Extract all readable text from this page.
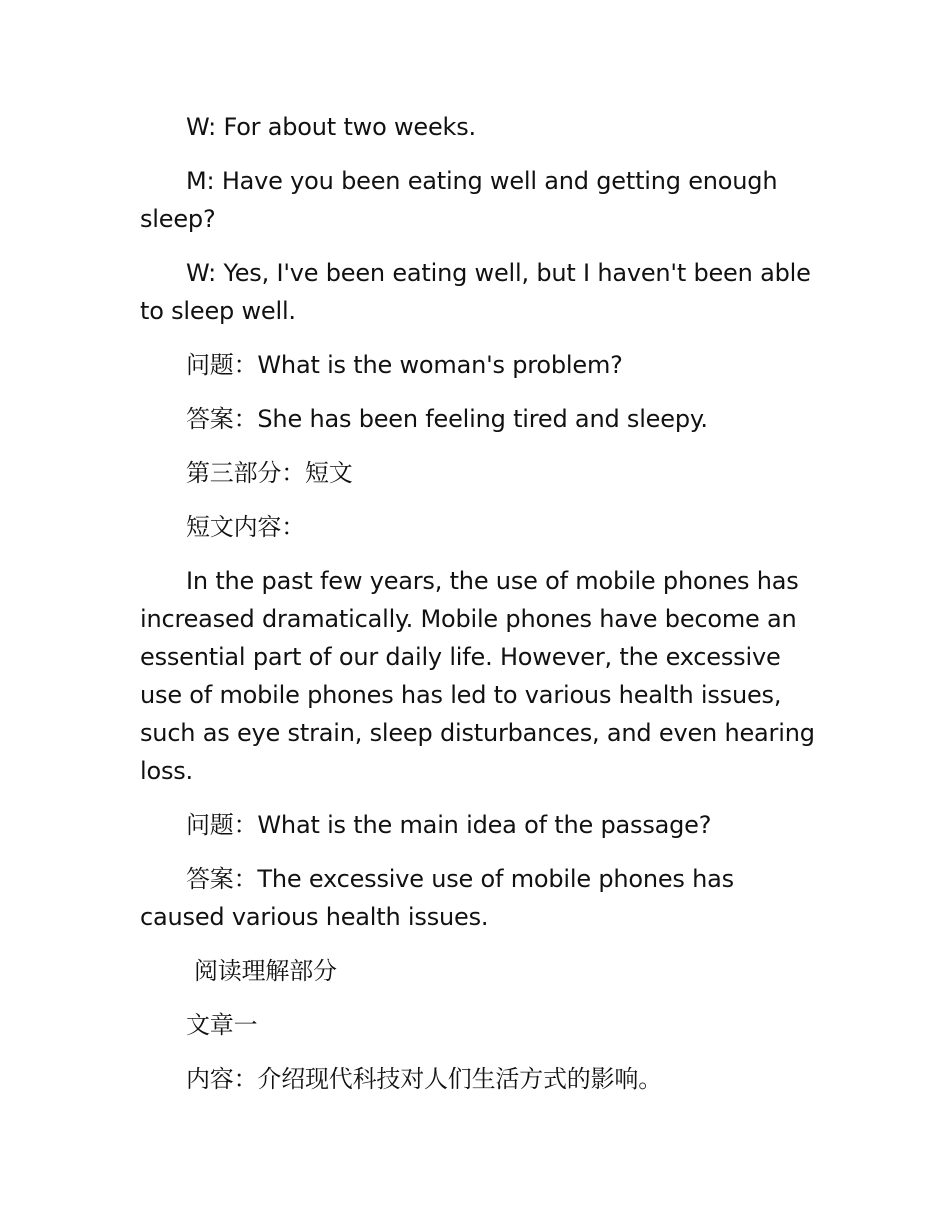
W: For about two weeks.

M: Have you been eating well and getting enough sleep?

W: Yes, I've been eating well, but I haven't been able to sleep well.

问题：What is the woman's problem?

答案：She has been feeling tired and sleepy.

第三部分：短文

短文内容：

In the past few years, the use of mobile phones has increased dramatically. Mobile phones have become an essential part of our daily life. However, the excessive use of mobile phones has led to various health issues, such as eye strain, sleep disturbances, and even hearing loss.

问题：What is the main idea of the passage?

答案：The excessive use of mobile phones has caused various health issues.

阅读理解部分

文章一

内容：介绍现代科技对人们生活方式的影响。
